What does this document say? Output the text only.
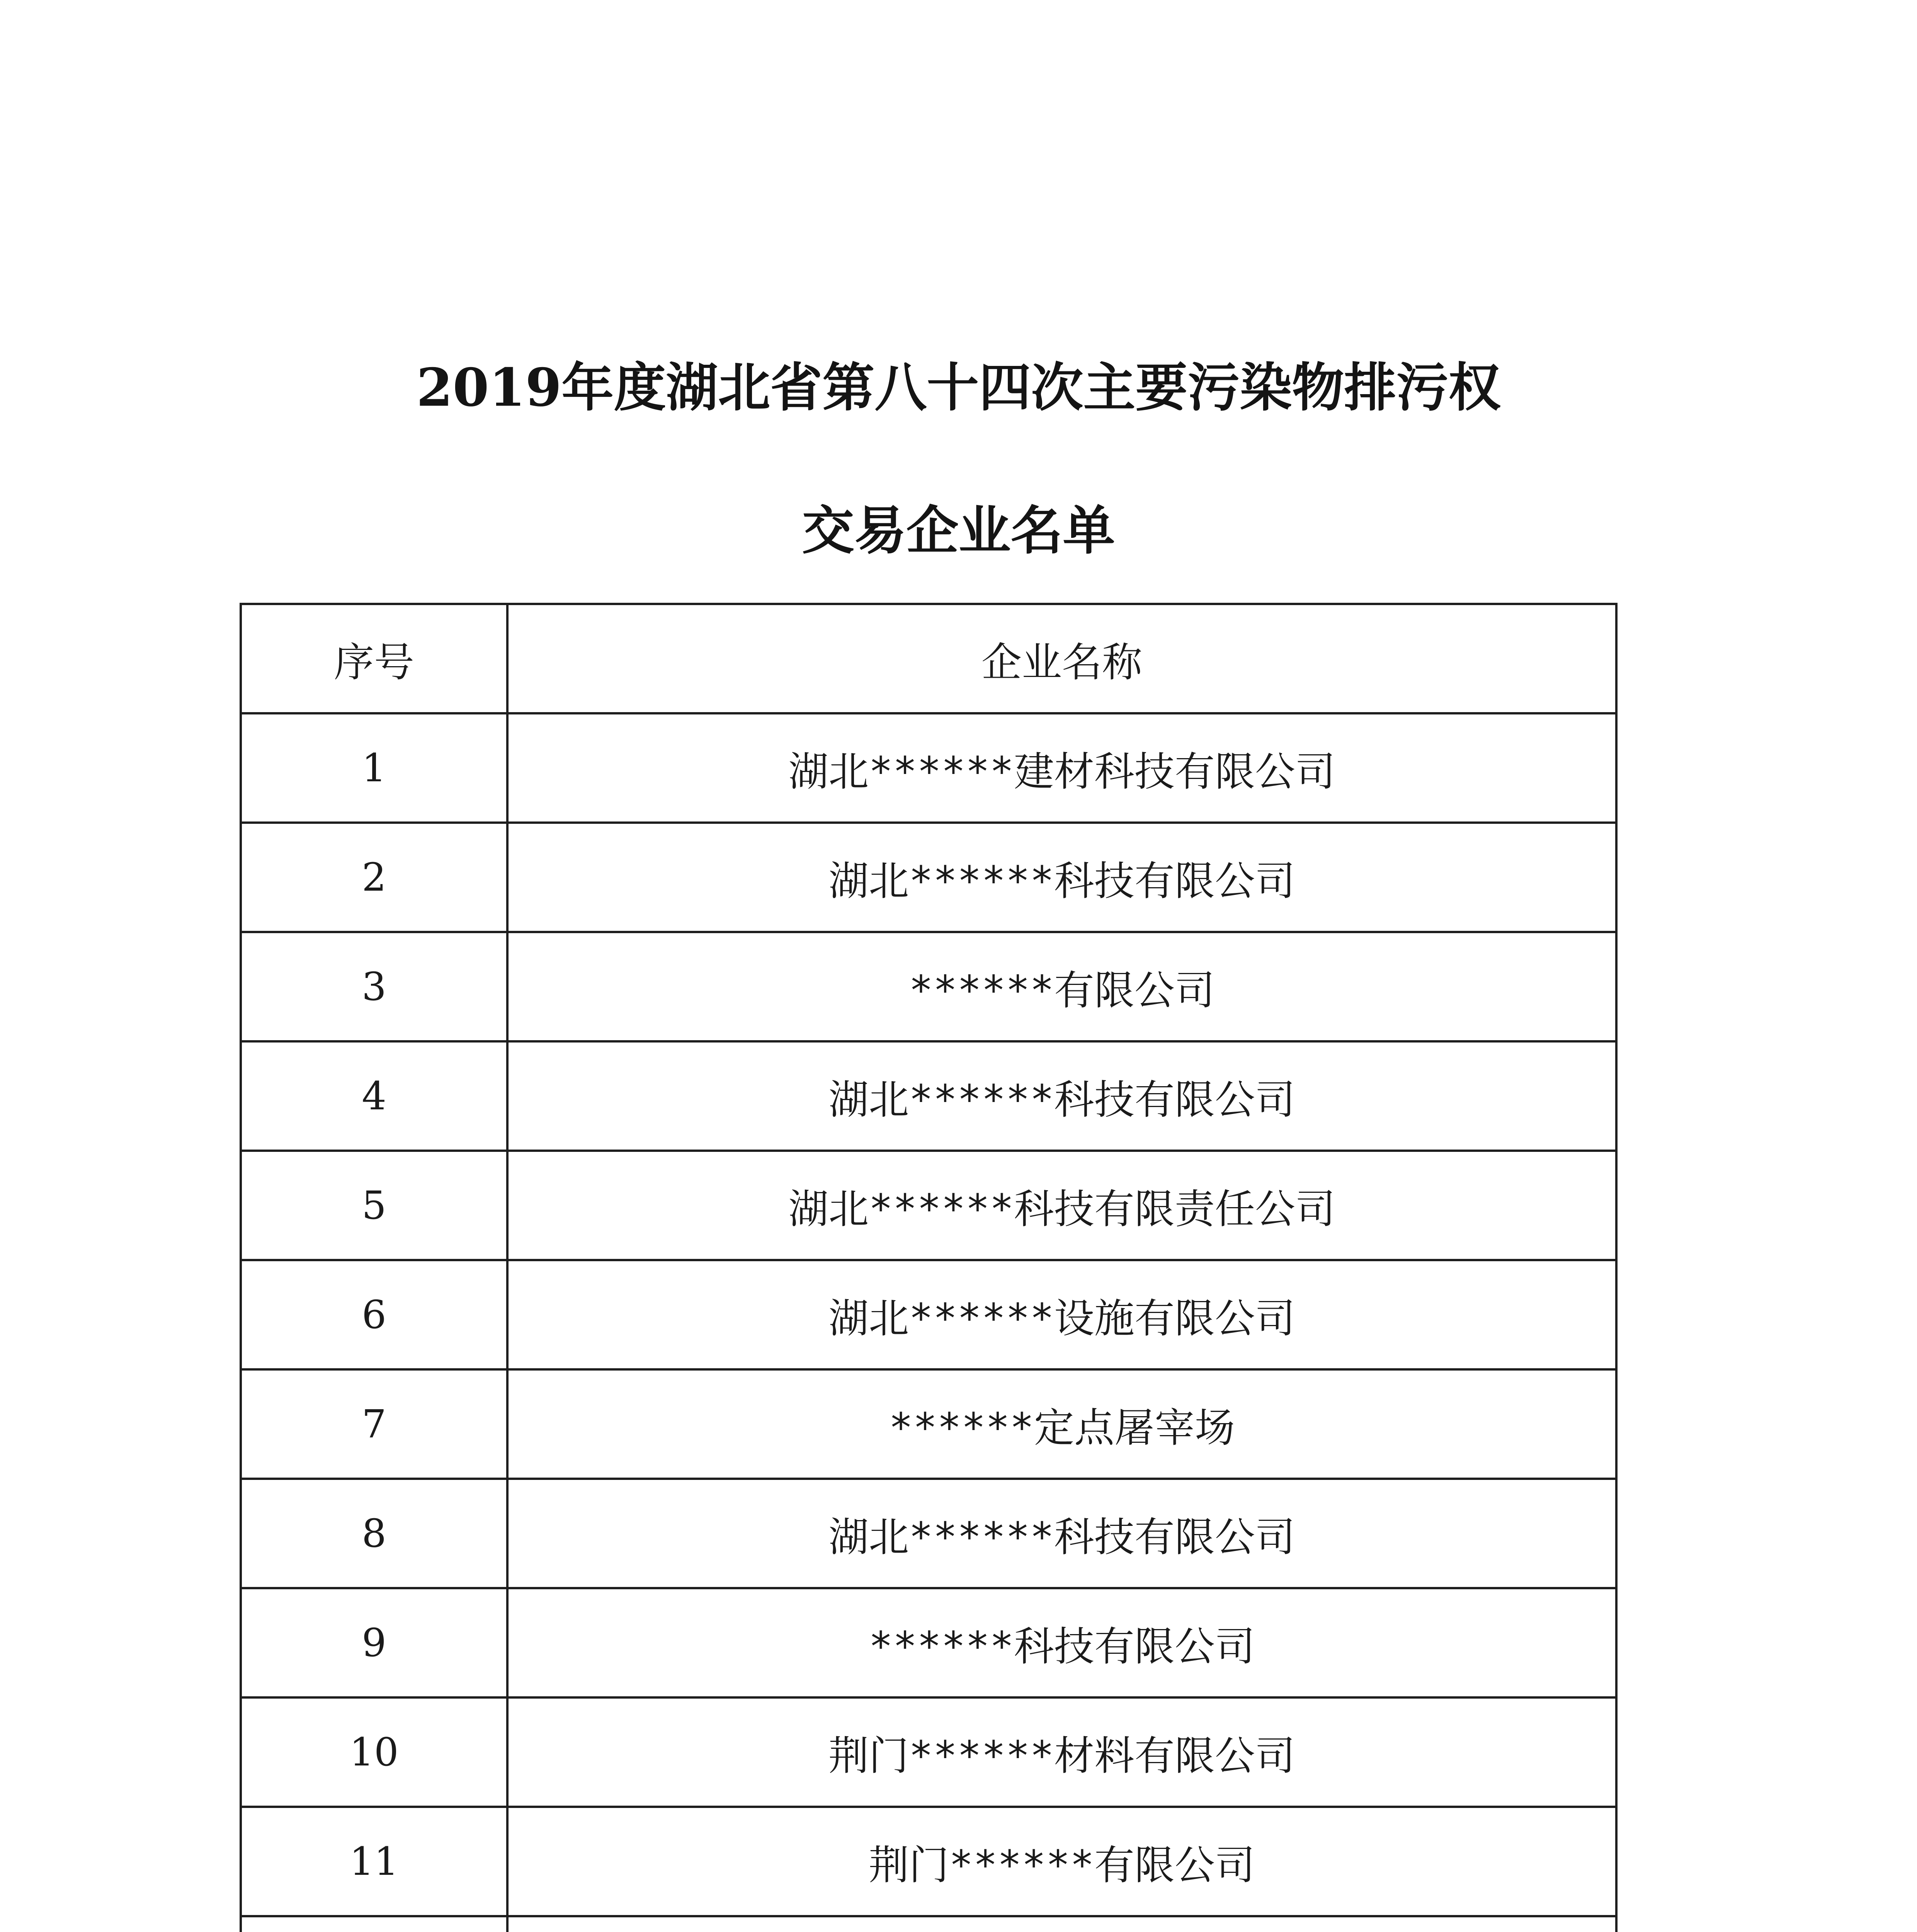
2019年度湖北省第八十四次主要污染物排污权
交易企业名单
序号	企业名称
1	湖北******建材科技有限公司
2	湖北******科技有限公司
3	******有限公司
4	湖北******科技有限公司
5	湖北******科技有限责任公司
6	湖北******设施有限公司
7	******定点屠宰场
8	湖北******科技有限公司
9	******科技有限公司
10	荆门******材料有限公司
11	荆门******有限公司
